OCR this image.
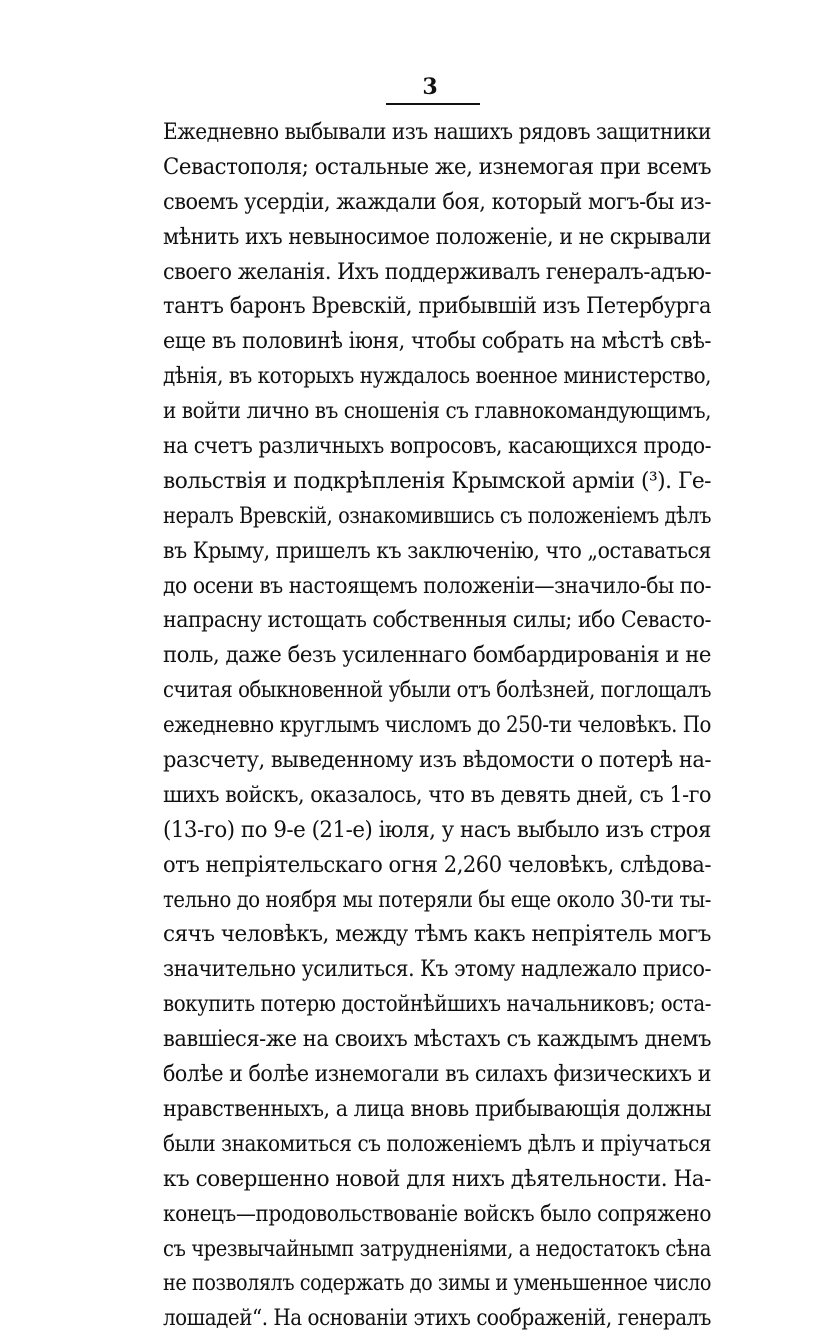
3
Ежедневно выбывали изъ нашихъ рядовъ защитники
Севастополя; остальные же, изнемогая при всемъ
своемъ усердіи, жаждали боя, который могъ-бы из-
мѣнить ихъ невыносимое положеніе, и не скрывали
своего желанія. Ихъ поддерживалъ генералъ-адъю-
тантъ баронъ Вревскій, прибывшій изъ Петербурга
еще въ половинѣ іюня, чтобы собрать на мѣстѣ свѣ-
дѣнія, въ которыхъ нуждалось военное министерство,
и войти лично въ сношенія съ главнокомандующимъ,
на счетъ различныхъ вопросовъ, касающихся продо-
вольствія и подкрѣпленія Крымской арміи (³). Ге-
нералъ Вревскій, ознакомившись съ положеніемъ дѣлъ
въ Крыму, пришелъ къ заключенію, что „оставаться
до осени въ настоящемъ положеніи—значило-бы по-
напрасну истощать собственныя силы; ибо Севасто-
поль, даже безъ усиленнаго бомбардированія и не
считая обыкновенной убыли отъ болѣзней, поглощалъ
ежедневно круглымъ числомъ до 250-ти человѣкъ. По
разсчету, выведенному изъ вѣдомости о потерѣ на-
шихъ войскъ, оказалось, что въ девять дней, съ 1-го
(13-го) по 9-е (21-е) іюля, у насъ выбыло изъ строя
отъ непріятельскаго огня 2,260 человѣкъ, слѣдова-
тельно до ноября мы потеряли бы еще около 30-ти ты-
сячъ человѣкъ, между тѣмъ какъ непріятель могъ
значительно усилиться. Къ этому надлежало присо-
вокупить потерю достойнѣйшихъ начальниковъ; оста-
вавшіеся-же на своихъ мѣстахъ съ каждымъ днемъ
болѣе и болѣе изнемогали въ силахъ физическихъ и
нравственныхъ, а лица вновь прибывающія должны
были знакомиться съ положеніемъ дѣлъ и пріучаться
къ совершенно новой для нихъ дѣятельности. На-
конецъ—продовольствованіе войскъ было сопряжено
съ чрезвычайнымп затрудненіями, а недостатокъ сѣна
не позволялъ содержать до зимы и уменьшенное число
лошадей“. На основаніи этихъ соображеній, генералъ
